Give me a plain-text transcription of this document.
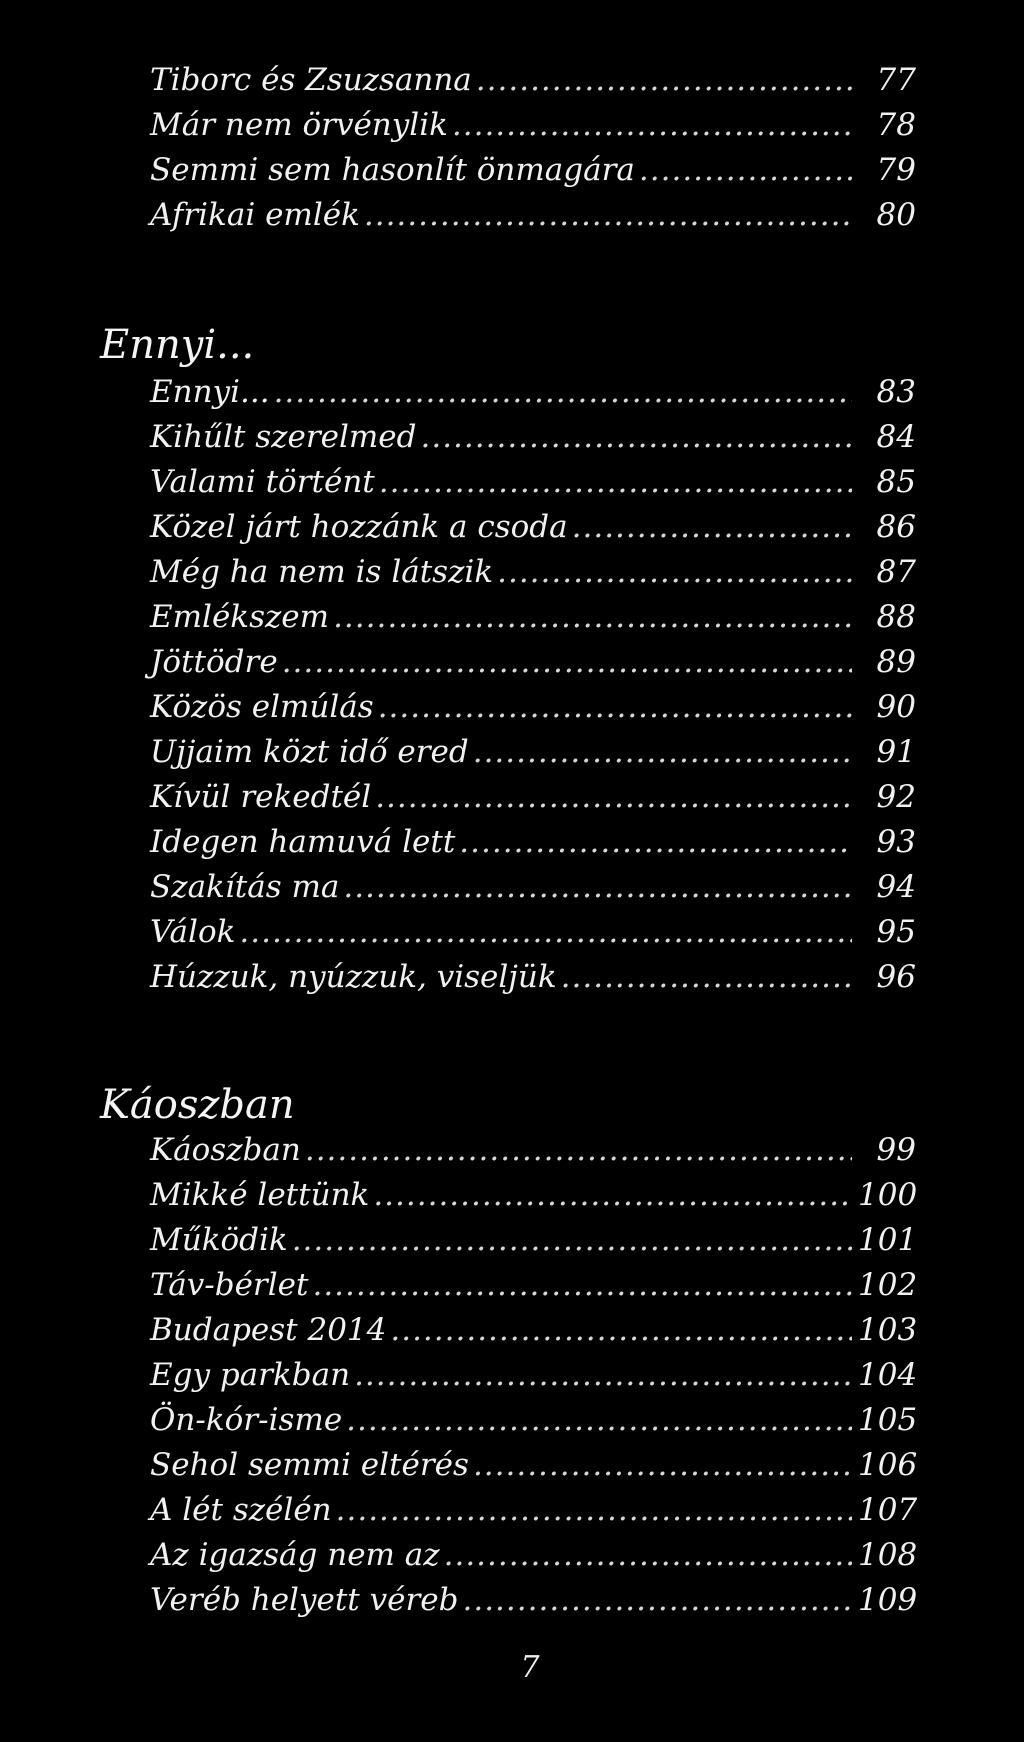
Tiborc és Zsuzsanna .....	77
Már nem örvénylik .....	78
Semmi sem hasonlít önmagára .....	79
Afrikai emlék .....	80
Ennyi...
Ennyi... .....	83
Kihűlt szerelmed .....	84
Valami történt .....	85
Közel járt hozzánk a csoda .....	86
Még ha nem is látszik .....	87
Emlékszem .....	88
Jöttödre .....	89
Közös elmúlás .....	90
Ujjaim közt idő ered .....	91
Kívül rekedtél .....	92
Idegen hamuvá lett .....	93
Szakítás ma .....	94
Válok .....	95
Húzzuk, nyúzzuk, viseljük .....	96
Káoszban
Káoszban .....	99
Mikké lettünk .....	100
Működik .....	101
Táv-bérlet .....	102
Budapest 2014 .....	103
Egy parkban .....	104
Ön-kór-isme .....	105
Sehol semmi eltérés .....	106
A lét szélén .....	107
Az igazság nem az .....	108
Veréb helyett véreb .....	109
7
